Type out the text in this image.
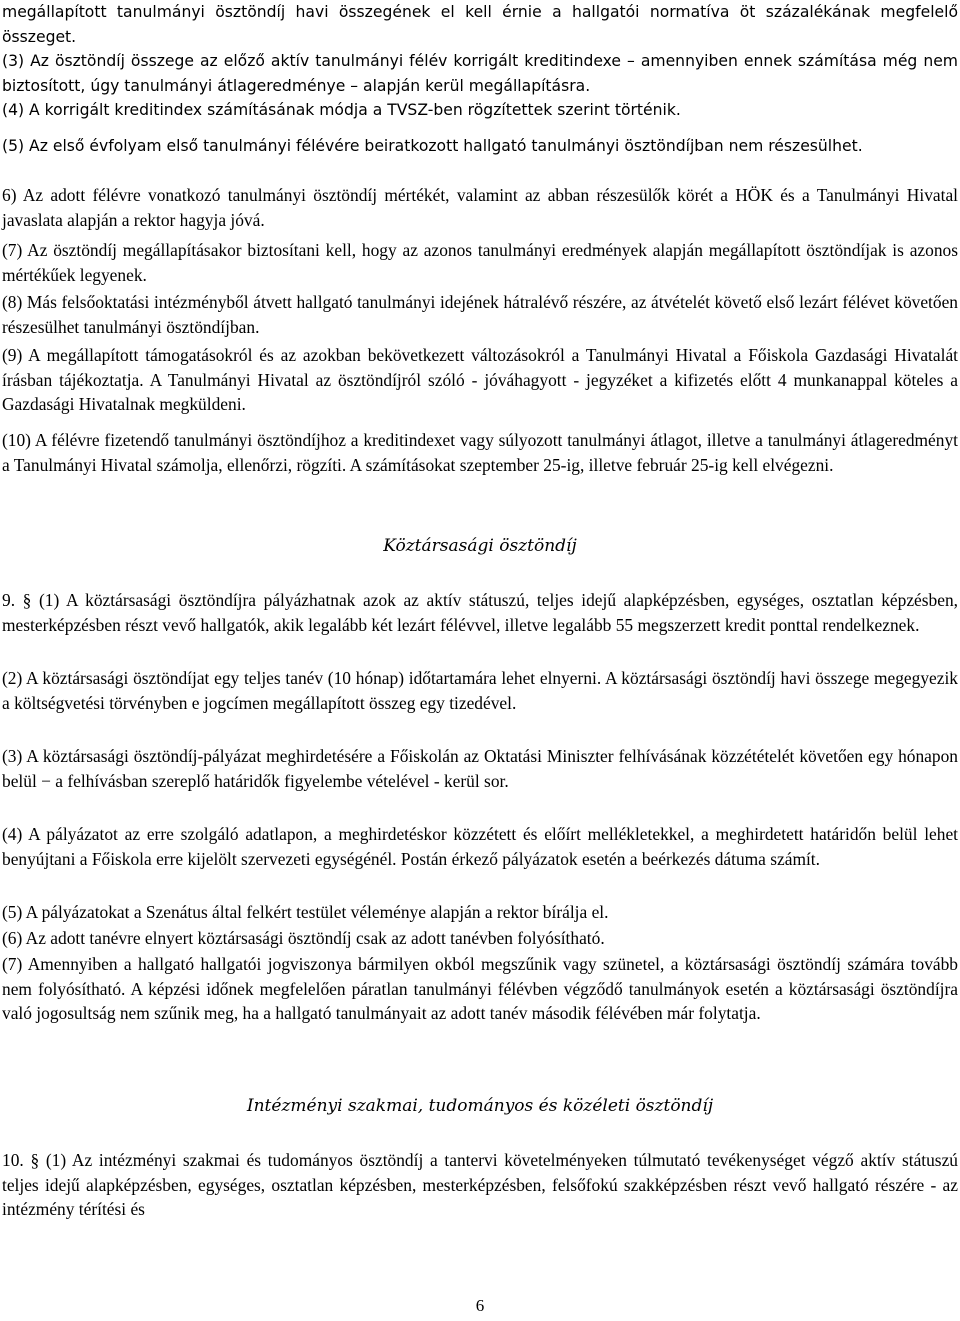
megállapított tanulmányi ösztöndíj havi összegének el kell érnie a hallgatói normatíva öt százalékának megfelelő összeget.
(3) Az ösztöndíj összege az előző aktív tanulmányi félév korrigált kreditindexe – amennyiben ennek számítása még nem biztosított, úgy tanulmányi átlageredménye – alapján kerül megállapításra.
(4) A korrigált kreditindex számításának módja a TVSZ-ben rögzítettek szerint történik.
(5) Az első évfolyam első tanulmányi félévére beiratkozott hallgató tanulmányi ösztöndíjban nem részesülhet.
6) Az adott félévre vonatkozó tanulmányi ösztöndíj mértékét, valamint az abban részesülők körét a HÖK és a Tanulmányi Hivatal javaslata alapján a rektor hagyja jóvá.
(7) Az ösztöndíj megállapításakor biztosítani kell, hogy az azonos tanulmányi eredmények alapján megállapított ösztöndíjak is azonos mértékűek legyenek.
(8) Más felsőoktatási intézményből átvett hallgató tanulmányi idejének hátralévő részére, az átvételét követő első lezárt félévet követően részesülhet tanulmányi ösztöndíjban.
(9) A megállapított támogatásokról és az azokban bekövetkezett változásokról a Tanulmányi Hivatal a Főiskola Gazdasági Hivatalát írásban tájékoztatja. A Tanulmányi Hivatal az ösztöndíjról szóló - jóváhagyott - jegyzéket a kifizetés előtt 4 munkanappal köteles a Gazdasági Hivatalnak megküldeni.
(10) A félévre fizetendő tanulmányi ösztöndíjhoz a kreditindexet vagy súlyozott tanulmányi átlagot, illetve a tanulmányi átlageredményt a Tanulmányi Hivatal számolja, ellenőrzi, rögzíti. A számításokat szeptember 25-ig, illetve február 25-ig kell elvégezni.
Köztársasági ösztöndíj
9. § (1) A köztársasági ösztöndíjra pályázhatnak azok az aktív státuszú, teljes idejű alapképzésben, egységes, osztatlan képzésben, mesterképzésben részt vevő hallgatók, akik legalább két lezárt félévvel, illetve legalább 55 megszerzett kredit ponttal rendelkeznek.
(2) A köztársasági ösztöndíjat egy teljes tanév (10 hónap) időtartamára lehet elnyerni. A köztársasági ösztöndíj havi összege megegyezik a költségvetési törvényben e jogcímen megállapított összeg egy tizedével.
(3) A köztársasági ösztöndíj-pályázat meghirdetésére a Főiskolán az Oktatási Miniszter felhívásának közzétételét követően egy hónapon belül − a felhívásban szereplő határidők figyelembe vételével - kerül sor.
(4) A pályázatot az erre szolgáló adatlapon, a meghirdetéskor közzétett és előírt mellékletekkel, a meghirdetett határidőn belül lehet benyújtani a Főiskola erre kijelölt szervezeti egységénél. Postán érkező pályázatok esetén a beérkezés dátuma számít.
(5) A pályázatokat a Szenátus által felkért testület véleménye alapján a rektor bírálja el.
(6) Az adott tanévre elnyert köztársasági ösztöndíj csak az adott tanévben folyósítható.
(7) Amennyiben a hallgató hallgatói jogviszonya bármilyen okból megszűnik vagy szünetel, a köztársasági ösztöndíj számára tovább nem folyósítható. A képzési időnek megfelelően páratlan tanulmányi félévben végződő tanulmányok esetén a köztársasági ösztöndíjra való jogosultság nem szűnik meg, ha a hallgató tanulmányait az adott tanév második félévében már folytatja.
Intézményi szakmai, tudományos és közéleti ösztöndíj
10. § (1) Az intézményi szakmai és tudományos ösztöndíj a tantervi követelményeken túlmutató tevékenységet végző aktív státuszú teljes idejű alapképzésben, egységes, osztatlan képzésben, mesterképzésben, felsőfokú szakképzésben részt vevő hallgató részére - az intézmény térítési és
6
